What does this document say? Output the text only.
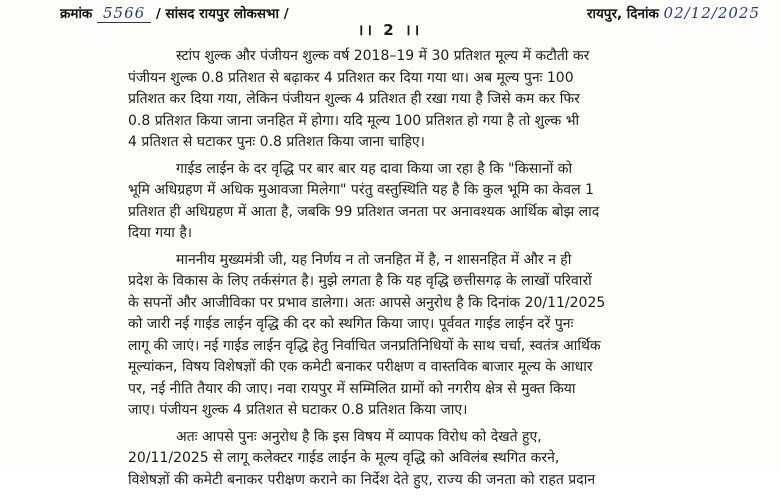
क्रमांक 5566 / सांसद रायपुर लोकसभा /	रायपुर, दिनांक 02/12/2025
।। 2 ।।

स्टांप शुल्क और पंजीयन शुल्क वर्ष 2018–19 में 30 प्रतिशत मूल्य में कटौती कर
पंजीयन शुल्क 0.8 प्रतिशत से बढ़ाकर 4 प्रतिशत कर दिया गया था। अब मूल्य पुनः 100
प्रतिशत कर दिया गया, लेकिन पंजीयन शुल्क 4 प्रतिशत ही रखा गया है जिसे कम कर फिर
0.8 प्रतिशत किया जाना जनहित में होगा। यदि मूल्य 100 प्रतिशत हो गया है तो शुल्क भी
4 प्रतिशत से घटाकर पुनः 0.8 प्रतिशत किया जाना चाहिए।

गाईड लाईन के दर वृद्धि पर बार बार यह दावा किया जा रहा है कि "किसानों को
भूमि अधिग्रहण में अधिक मुआवजा मिलेगा" परंतु वस्तुस्थिति यह है कि कुल भूमि का केवल 1
प्रतिशत ही अधिग्रहण में आता है, जबकि 99 प्रतिशत जनता पर अनावश्यक आर्थिक बोझ लाद
दिया गया है।

माननीय मुख्यमंत्री जी, यह निर्णय न तो जनहित में है, न शासनहित में और न ही
प्रदेश के विकास के लिए तर्कसंगत है। मुझे लगता है कि यह वृद्धि छत्तीसगढ़ के लाखों परिवारों
के सपनों और आजीविका पर प्रभाव डालेगा। अतः आपसे अनुरोध है कि दिनांक 20/11/2025
को जारी नई गाईड लाईन वृद्धि की दर को स्थगित किया जाए। पूर्ववत गाईड लाईन दरें पुनः
लागू की जाएं। नई गाईड लाईन वृद्धि हेतु निर्वाचित जनप्रतिनिधियों के साथ चर्चा, स्वतंत्र आर्थिक
मूल्यांकन, विषय विशेषज्ञों की एक कमेटी बनाकर परीक्षण व वास्तविक बाजार मूल्य के आधार
पर, नई नीति तैयार की जाए। नवा रायपुर में सम्मिलित ग्रामों को नगरीय क्षेत्र से मुक्त किया
जाए। पंजीयन शुल्क 4 प्रतिशत से घटाकर 0.8 प्रतिशत किया जाए।

अतः आपसे पुनः अनुरोध है कि इस विषय में व्यापक विरोध को देखते हुए,
20/11/2025 से लागू कलेक्टर गाईड लाईन के मूल्य वृद्धि को अविलंब स्थगित करने,
विशेषज्ञों की कमेटी बनाकर परीक्षण कराने का निर्देश देते हुए, राज्य की जनता को राहत प्रदान
